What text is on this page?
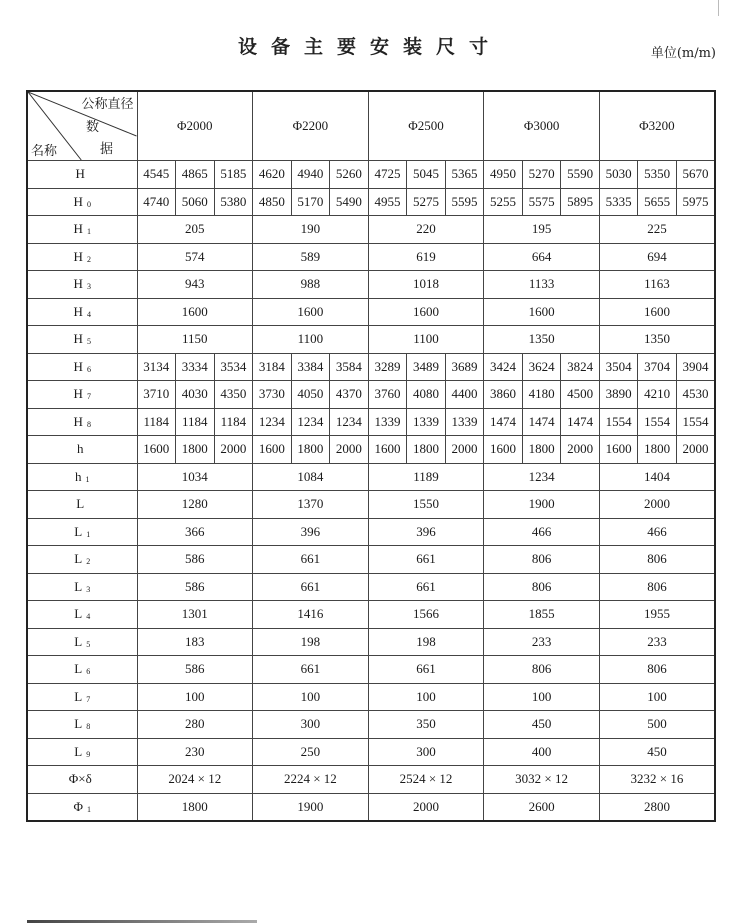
设备主要安装尺寸	单位(m/m)
公称直径
数
据
名称	Φ2000			Φ2200			Φ2500			Φ3000			Φ3200		
H	4545	4865	5185	4620	4940	5260	4725	5045	5365	4950	5270	5590	5030	5350	5670
H $_0$	4740	5060	5380	4850	5170	5490	4955	5275	5595	5255	5575	5895	5335	5655	5975
H $_1$	205			190			220			195			225		
H $_2$	574			589			619			664			694		
H $_3$	943			988			1018			1133			1163		
H $_4$	1600			1600			1600			1600			1600		
H $_5$	1150			1100			1100			1350			1350		
H $_6$	3134	3334	3534	3184	3384	3584	3289	3489	3689	3424	3624	3824	3504	3704	3904
H $_7$	3710	4030	4350	3730	4050	4370	3760	4080	4400	3860	4180	4500	3890	4210	4530
H $_8$	1184	1184	1184	1234	1234	1234	1339	1339	1339	1474	1474	1474	1554	1554	1554
h	1600	1800	2000	1600	1800	2000	1600	1800	2000	1600	1800	2000	1600	1800	2000
h $_1$	1034			1084			1189			1234			1404		
L	1280			1370			1550			1900			2000		
L $_1$	366			396			396			466			466		
L $_2$	586			661			661			806			806		
L $_3$	586			661			661			806			806		
L $_4$	1301			1416			1566			1855			1955		
L $_5$	183			198			198			233			233		
L $_6$	586			661			661			806			806		
L $_7$	100			100			100			100			100		
L $_8$	280			300			350			450			500		
L $_9$	230			250			300			400			450		
Φ×δ	2024 × 12			2224 × 12			2524 × 12			3032 × 12			3232 × 16		
Φ $_1$	1800			1900			2000			2600			2800		
